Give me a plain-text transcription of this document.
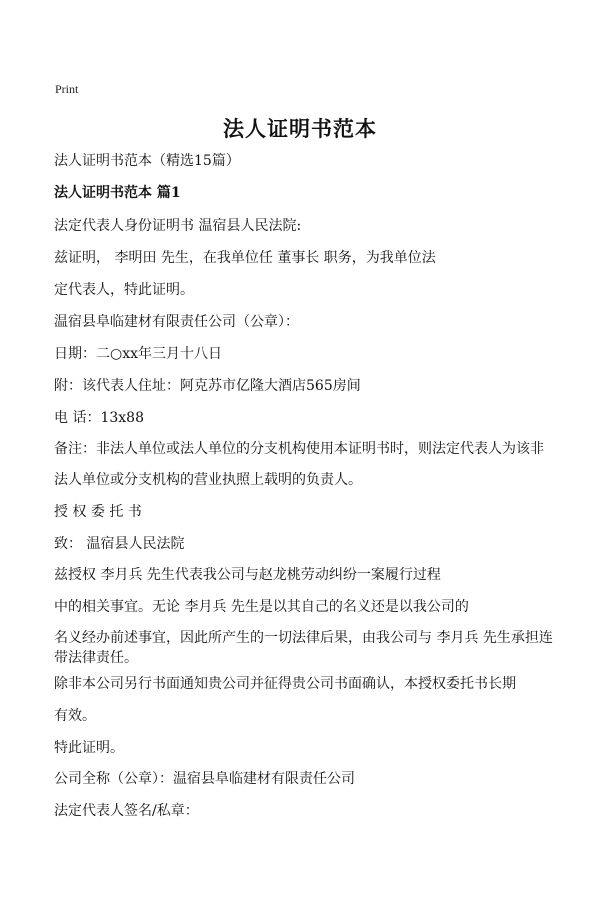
Print
法人证明书范本
法人证明书范本（精选15篇）
法人证明书范本 篇1
法定代表人身份证明书 温宿县人民法院:
兹证明， 李明田 先生，在我单位任 董事长 职务，为我单位法
定代表人，特此证明。
温宿县阜临建材有限责任公司（公章）：
日期：二○xx年三月十八日
附：该代表人住址：阿克苏市亿隆大酒店565房间
电 话：13x88
备注：非法人单位或法人单位的分支机构使用本证明书时，则法定代表人为该非
法人单位或分支机构的营业执照上载明的负责人。
授 权 委 托 书
致： 温宿县人民法院
兹授权 李月兵 先生代表我公司与赵龙桃劳动纠纷一案履行过程
中的相关事宜。无论 李月兵 先生是以其自己的名义还是以我公司的
名义经办前述事宜，因此所产生的一切法律后果，由我公司与 李月兵 先生承担连带法律责任。
除非本公司另行书面通知贵公司并征得贵公司书面确认，本授权委托书长期
有效。
特此证明。
公司全称（公章）：温宿县阜临建材有限责任公司
法定代表人签名/私章：
